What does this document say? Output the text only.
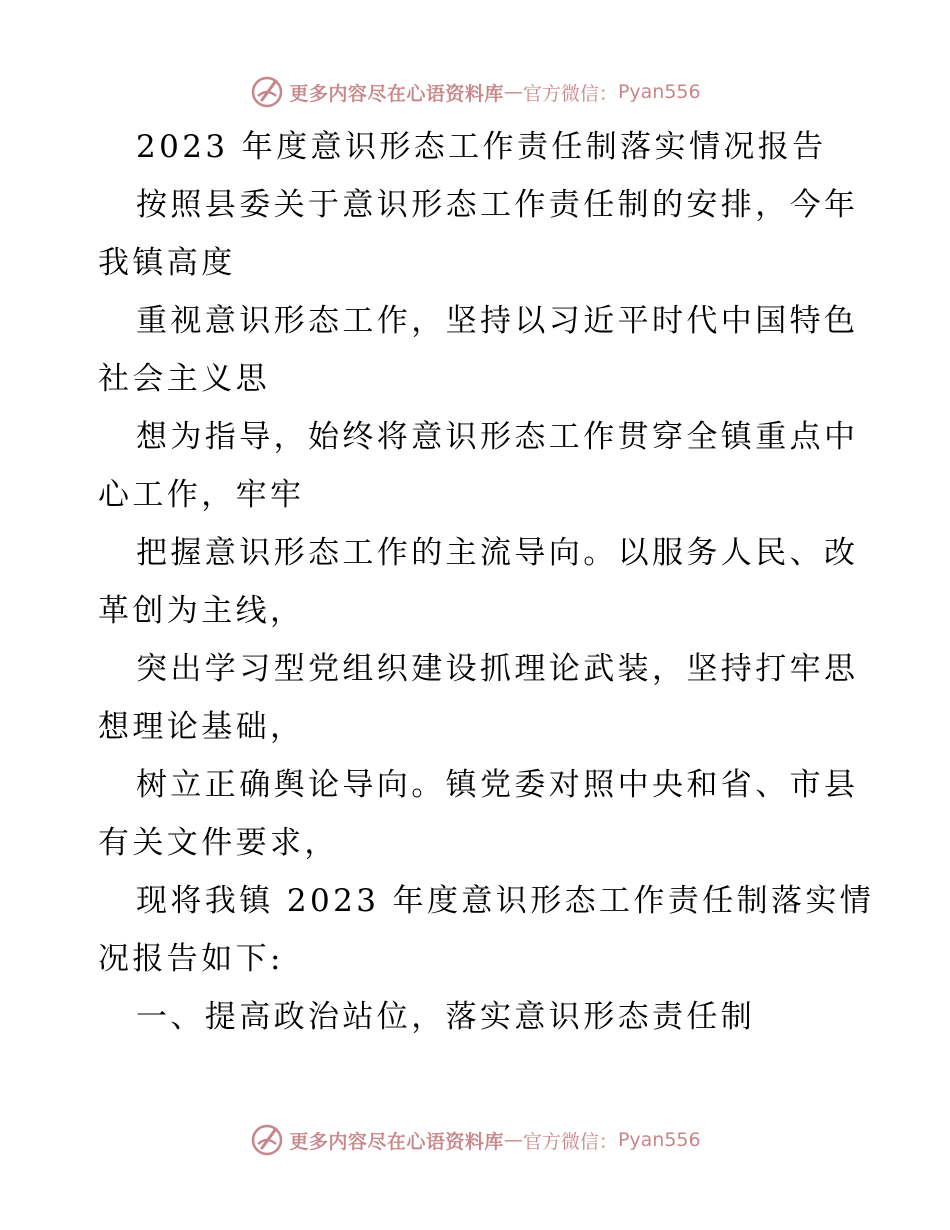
更多内容尽在心语资料库 — 官方微信： Pyan556
2023 年度意识形态工作责任制落实情况报告
按照县委关于意识形态工作责任制的安排，今年
我镇高度
重视意识形态工作，坚持以习近平时代中国特色
社会主义思
想为指导，始终将意识形态工作贯穿全镇重点中
心工作，牢牢
把握意识形态工作的主流导向。以服务人民、改
革创为主线，
突出学习型党组织建设抓理论武装，坚持打牢思
想理论基础，
树立正确舆论导向。镇党委对照中央和省、市县
有关文件要求，
现将我镇 2023 年度意识形态工作责任制落实情
况报告如下:
一、提高政治站位，落实意识形态责任制
更多内容尽在心语资料库 — 官方微信： Pyan556
